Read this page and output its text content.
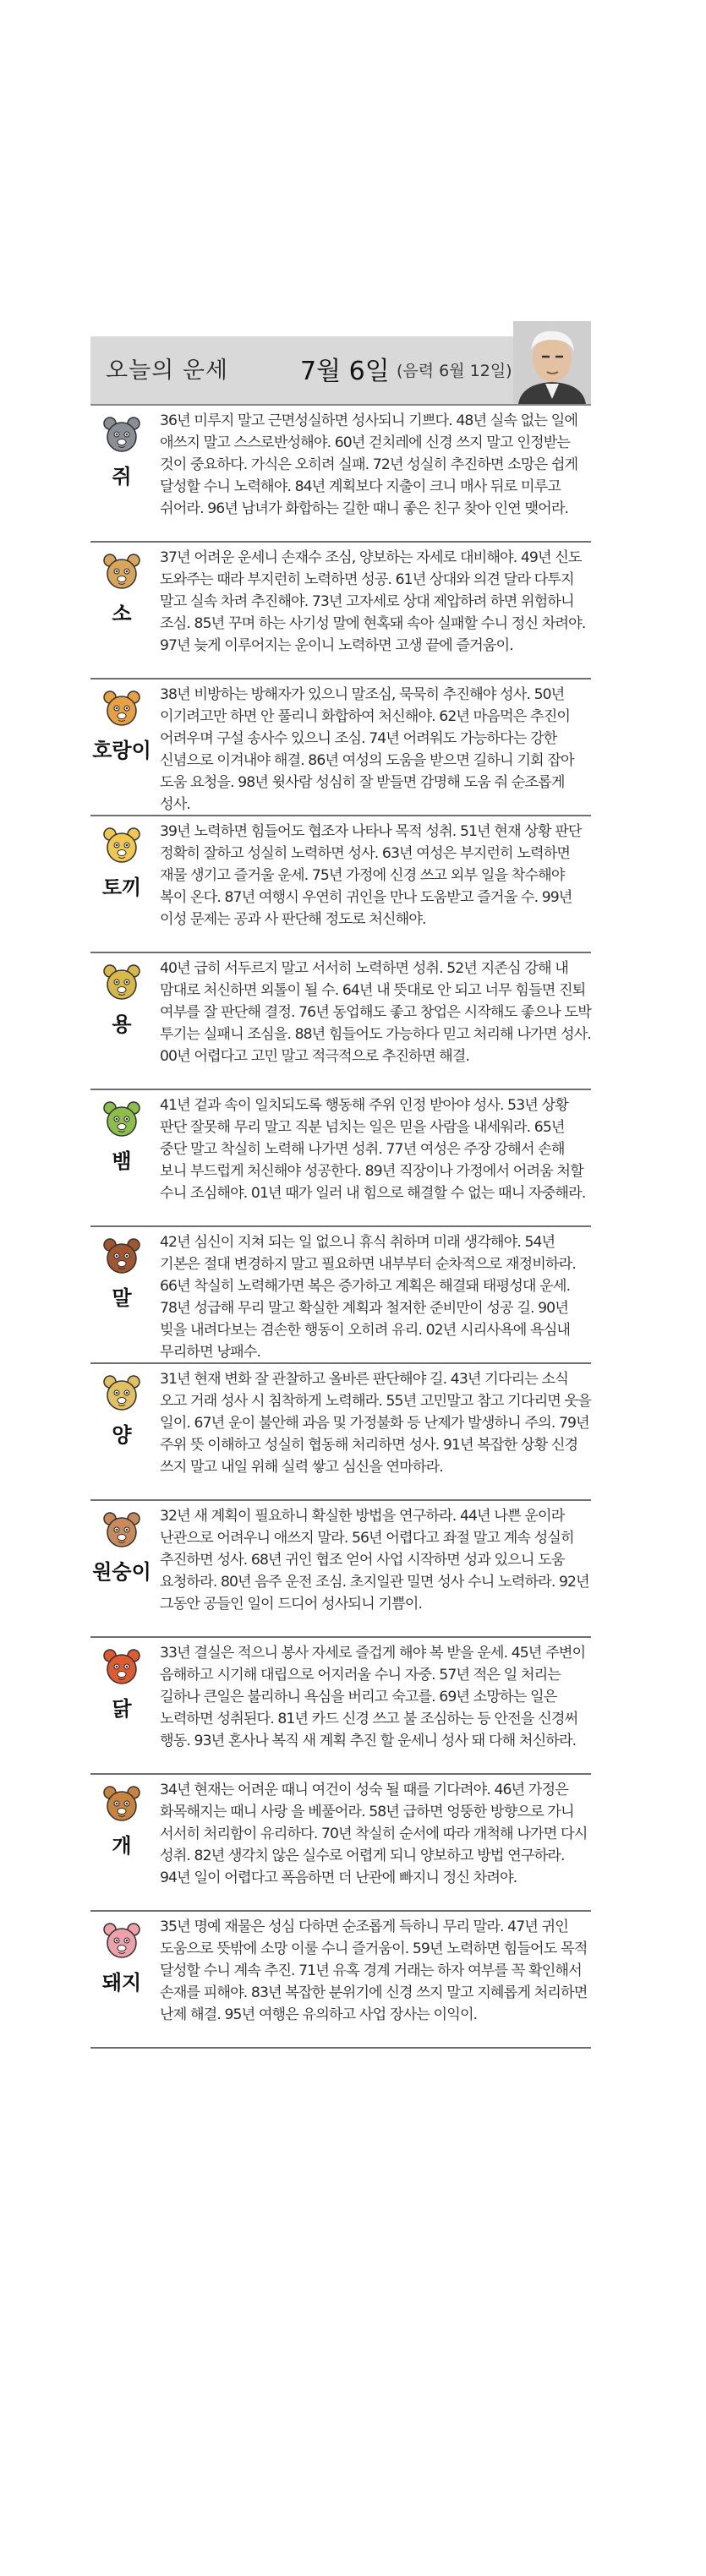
오늘의 운세	7월 6일 (음력 6월 12일)
쥐
36년 미루지 말고 근면성실하면 성사되니 기쁘다. 48년 실속 없는 일에 애쓰지 말고 스스로반성해야. 60년 걷치레에 신경 쓰지 말고 인정받는 것이 중요하다. 가식은 오히려 실패. 72년 성실히 추진하면 소망은 쉽게 달성할 수니 노력해야. 84년 계획보다 지출이 크니 매사 뒤로 미루고 쉬어라. 96년 남녀가 화합하는 길한 때니 좋은 친구 찾아 인연 맺어라.
소
37년 어려운 운세니 손재수 조심, 양보하는 자세로 대비해야. 49년 신도 도와주는 때라 부지런히 노력하면 성공. 61년 상대와 의견 달라 다투지 말고 실속 차려 추진해야. 73년 고자세로 상대 제압하려 하면 위험하니 조심. 85년 꾸며 하는 사기성 말에 현혹돼 속아 실패할 수니 정신 차려야. 97년 늦게 이루어지는 운이니 노력하면 고생 끝에 즐거움이.
호랑이
38년 비방하는 방해자가 있으니 말조심, 묵묵히 추진해야 성사. 50년 이기려고만 하면 안 풀리니 화합하여 처신해야. 62년 마음먹은 추진이 어려우며 구설 송사수 있으니 조심. 74년 어려워도 가능하다는 강한 신념으로 이겨내야 해결. 86년 여성의 도움을 받으면 길하니 기회 잡아 도움 요청을. 98년 윗사람 성심히 잘 받들면 감명해 도움 줘 순조롭게 성사.
토끼
39년 노력하면 힘들어도 협조자 나타나 목적 성취. 51년 현재 상황 판단 정확히 잘하고 성실히 노력하면 성사. 63년 여성은 부지런히 노력하면 재물 생기고 즐거울 운세. 75년 가정에 신경 쓰고 외부 일을 착수해야 복이 온다. 87년 여행시 우연히 귀인을 만나 도움받고 즐거울 수. 99년 이성 문제는 공과 사 판단해 정도로 처신해야.
용
40년 급히 서두르지 말고 서서히 노력하면 성취. 52년 지존심 강해 내 맘대로 처신하면 외톨이 될 수. 64년 내 뜻대로 안 되고 너무 힘들면 진퇴 여부를 잘 판단해 결정. 76년 동업해도 좋고 창업은 시작해도 좋으나 도박 투기는 실패니 조심을. 88년 힘들어도 가능하다 믿고 처리해 나가면 성사. 00년 어렵다고 고민 말고 적극적으로 추진하면 해결.
뱀
41년 겉과 속이 일치되도록 행동해 주위 인정 받아야 성사. 53년 상황 판단 잘못해 무리 말고 직분 넘치는 일은 믿을 사람을 내세워라. 65년 중단 말고 착실히 노력해 나가면 성취. 77년 여성은 주장 강해서 손해 보니 부드럽게 처신해야 성공한다. 89년 직장이나 가정에서 어려움 처할 수니 조심해야. 01년 때가 일러 내 힘으로 해결할 수 없는 때니 자중해라.
말
42년 심신이 지쳐 되는 일 없으니 휴식 취하며 미래 생각해야. 54년 기본은 절대 변경하지 말고 필요하면 내부부터 순차적으로 재정비하라. 66년 착실히 노력해가면 복은 증가하고 계획은 해결돼 태평성대 운세. 78년 성급해 무리 말고 확실한 계획과 철저한 준비만이 성공 길. 90년 빚을 내려다보는 겸손한 행동이 오히려 유리. 02년 시리사욕에 욕심내 무리하면 낭패수.
양
31년 현재 변화 잘 관찰하고 올바른 판단해야 길. 43년 기다리는 소식 오고 거래 성사 시 침착하게 노력해라. 55년 고민말고 참고 기다리면 웃을 일이. 67년 운이 불안해 과음 및 가정불화 등 난제가 발생하니 주의. 79년 주위 뜻 이해하고 성실히 협동해 처리하면 성사. 91년 복잡한 상황 신경 쓰지 말고 내일 위해 실력 쌓고 심신을 연마하라.
원숭이
32년 새 계획이 필요하니 확실한 방법을 연구하라. 44년 나쁜 운이라 난관으로 어려우니 애쓰지 말라. 56년 어렵다고 좌절 말고 계속 성실히 추진하면 성사. 68년 귀인 협조 얻어 사업 시작하면 성과 있으니 도움 요청하라. 80년 음주 운전 조심. 초지일관 밀면 성사 수니 노력하라. 92년 그동안 공들인 일이 드디어 성사되니 기쁨이.
닭
33년 결실은 적으니 봉사 자세로 즐겁게 해야 복 받을 운세. 45년 주변이 음해하고 시기해 대립으로 어지러울 수니 자중. 57년 적은 일 처리는 길하나 큰일은 불리하니 욕심을 버리고 숙고를. 69년 소망하는 일은 노력하면 성취된다. 81년 카드 신경 쓰고 불 조심하는 등 안전을 신경써 행동. 93년 혼사나 복직 새 계획 추진 할 운세니 성사 돼 다해 처신하라.
개
34년 현재는 어려운 때니 여건이 성숙 될 때를 기다려야. 46년 가정은 화목해지는 때니 사랑 을 베풀어라. 58년 급하면 엉뚱한 방향으로 가니 서서히 처리함이 유리하다. 70년 착실히 순서에 따라 개척해 나가면 다시 성취. 82년 생각치 않은 실수로 어렵게 되니 양보하고 방법 연구하라. 94년 일이 어렵다고 폭음하면 더 난관에 빠지니 정신 차려야.
돼지
35년 명예 재물은 성심 다하면 순조롭게 득하니 무리 말라. 47년 귀인 도움으로 뜻밖에 소망 이룰 수니 즐거움이. 59년 노력하면 힘들어도 목적 달성할 수니 계속 추진. 71년 유혹 경계 거래는 하자 여부를 꼭 확인해서 손재를 피해야. 83년 복잡한 분위기에 신경 쓰지 말고 지혜롭게 처리하면 난제 해결. 95년 여행은 유의하고 사업 장사는 이익이.
